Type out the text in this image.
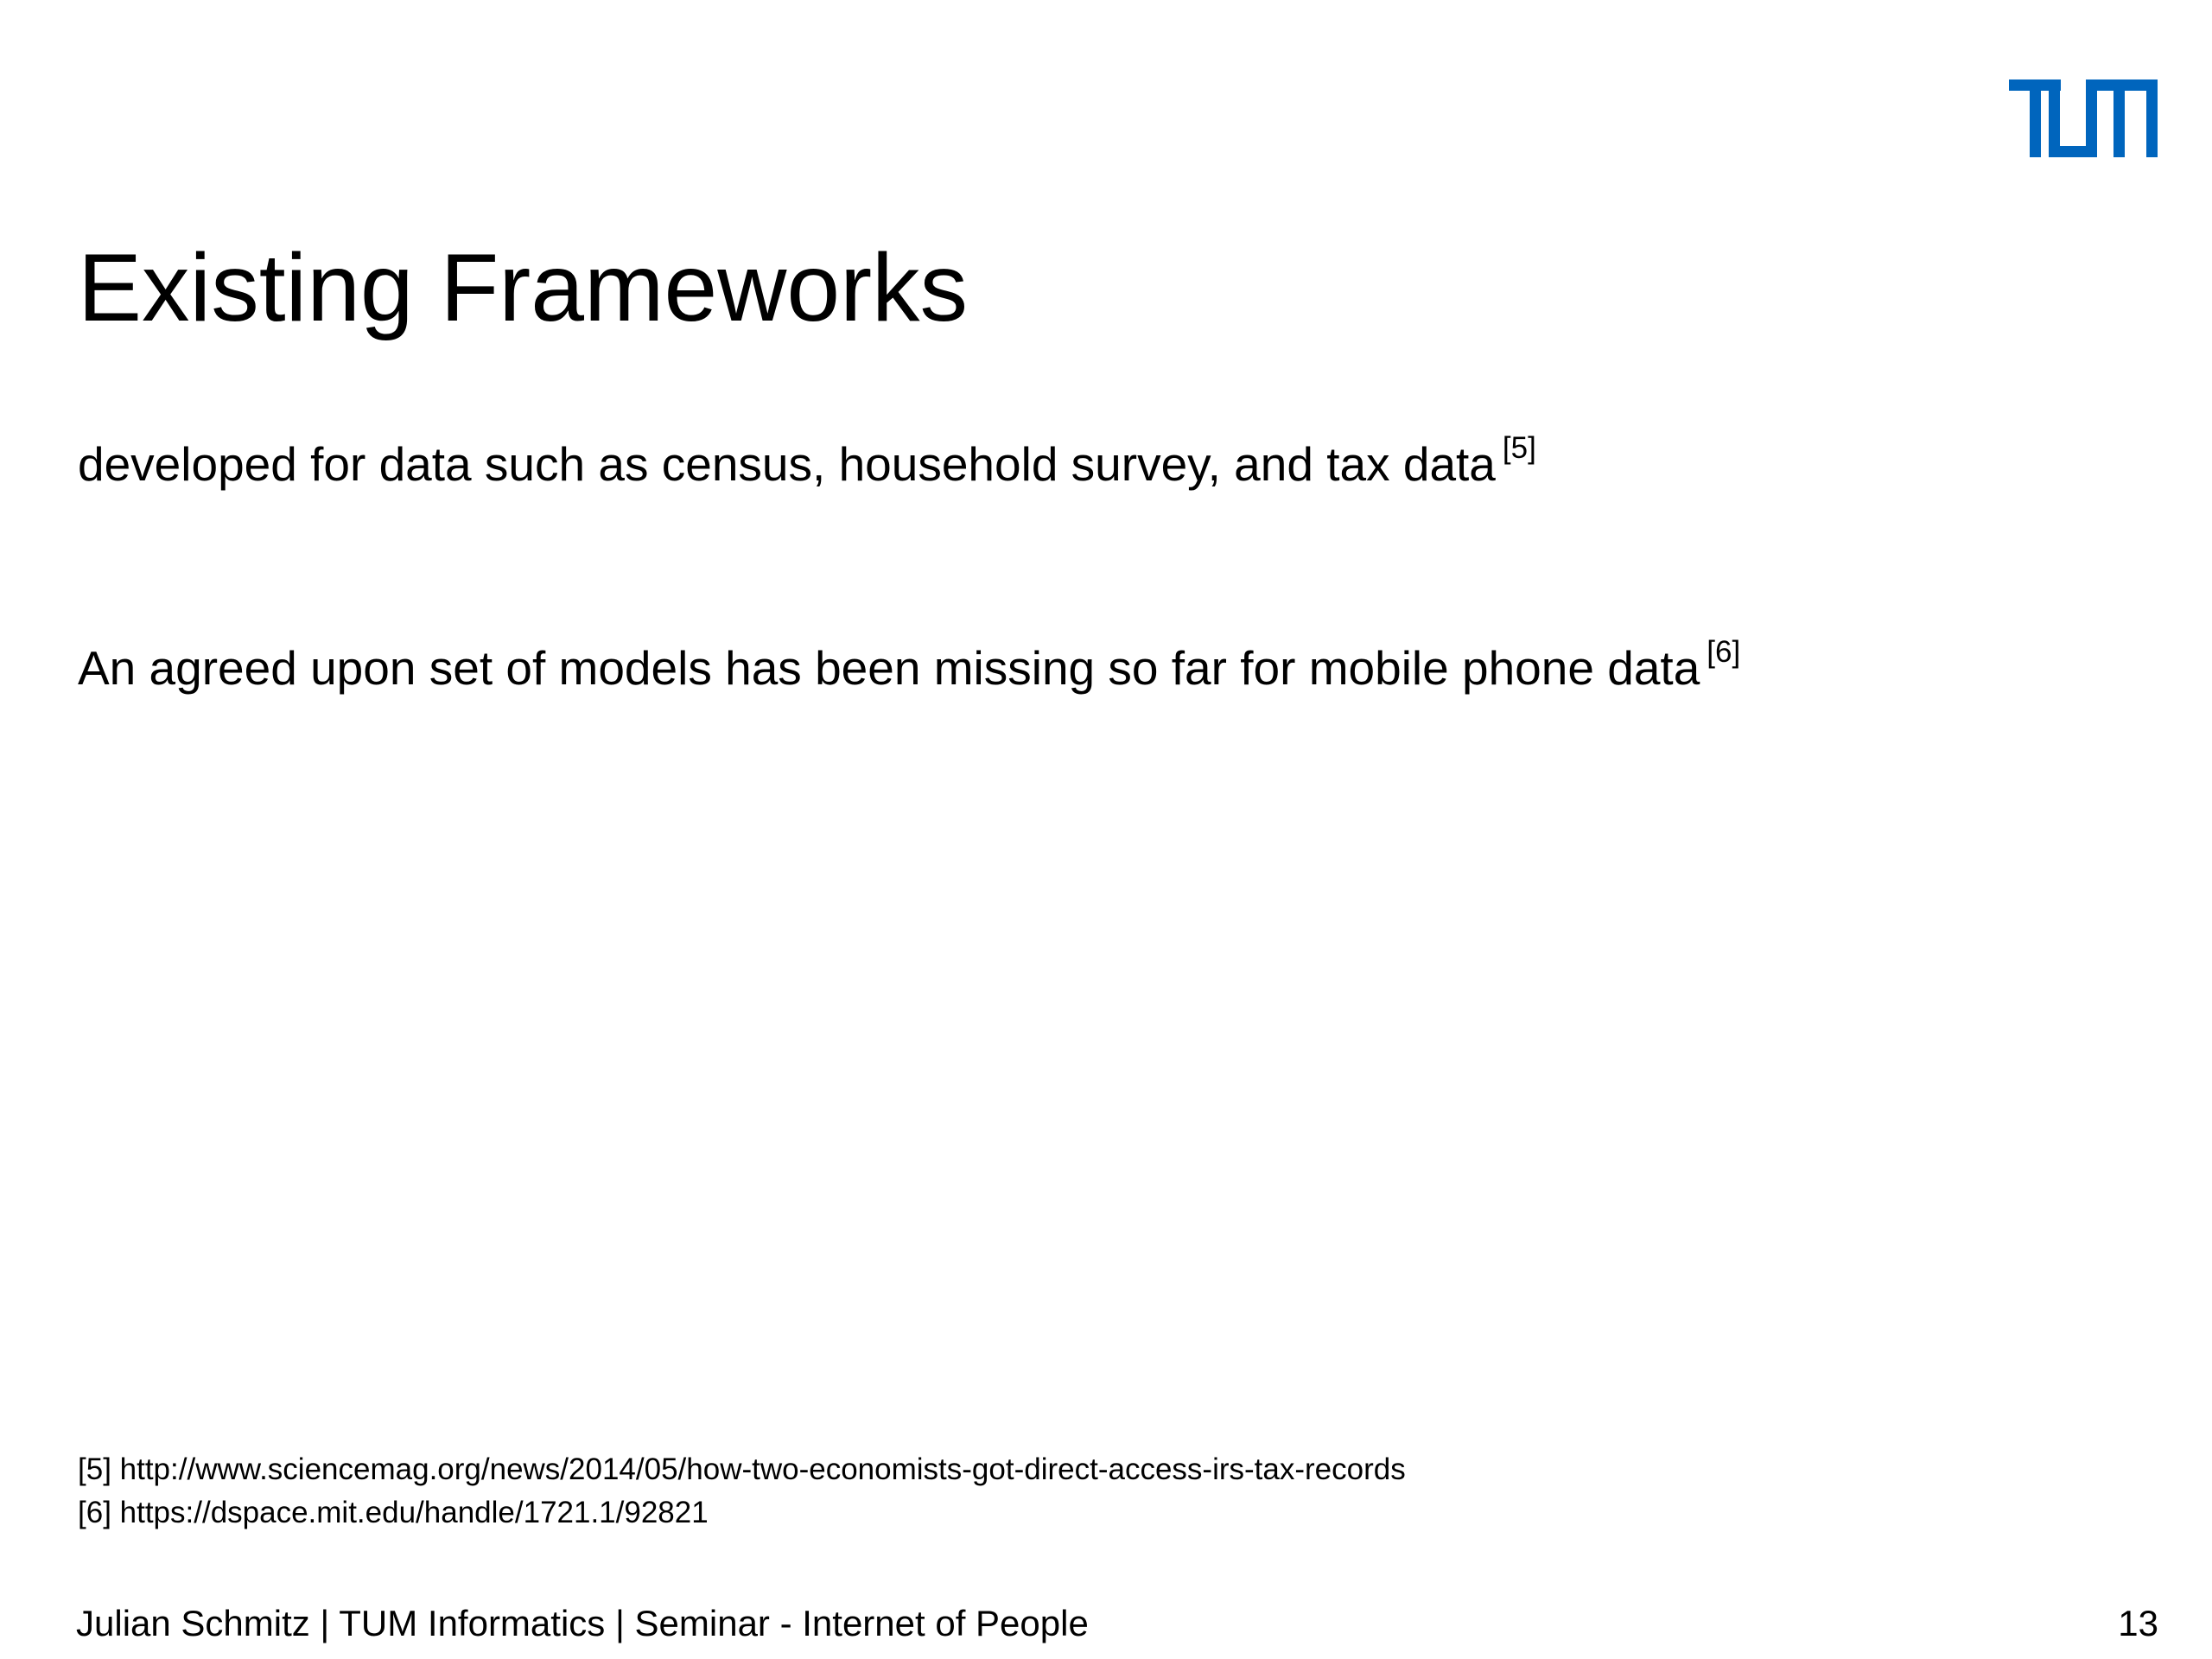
Existing Frameworks
developed for data such as census, household survey, and tax data [5]
An agreed upon set of models has been missing so far for mobile phone data [6]
[5] http://www.sciencemag.org/news/2014/05/how-two-economists-got-direct-access-irs-tax-records
[6] https://dspace.mit.edu/handle/1721.1/92821
Julian Schmitz | TUM Informatics | Seminar - Internet of People	13
